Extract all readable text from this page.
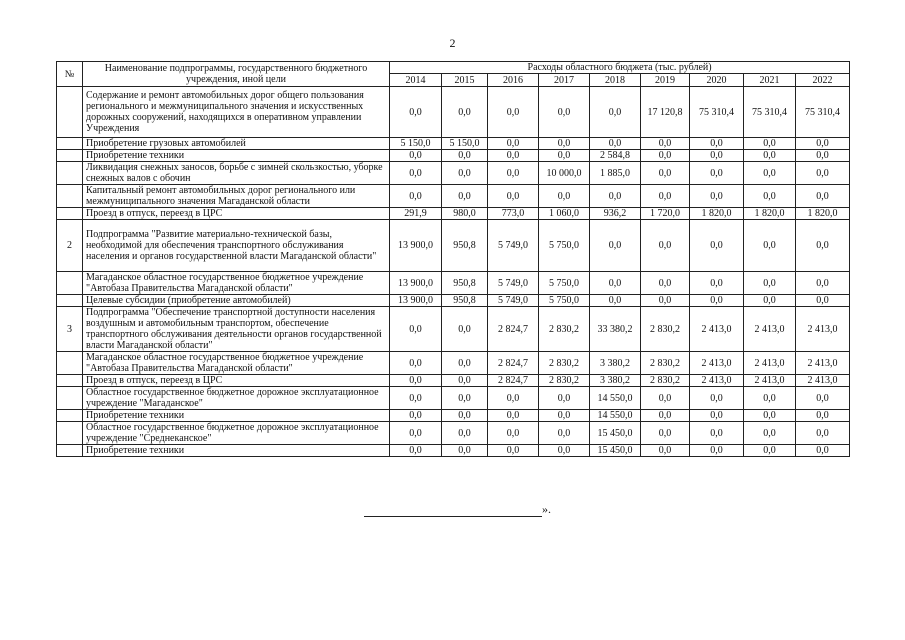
2
№	Наименование подпрограммы, государственного бюджетного учреждения, иной цели	Расходы областного бюджета (тыс. рублей)								
		2014	2015	2016	2017	2018	2019	2020	2021	2022
	Содержание и ремонт автомобильных дорог общего пользования регионального и межмуниципального значения и искусственных дорожных сооружений, находящихся в оперативном управлении Учреждения	0,0	0,0	0,0	0,0	0,0	17 120,8	75 310,4	75 310,4	75 310,4
	Приобретение грузовых автомобилей	5 150,0	5 150,0	0,0	0,0	0,0	0,0	0,0	0,0	0,0
	Приобретение техники	0,0	0,0	0,0	0,0	2 584,8	0,0	0,0	0,0	0,0
	Ликвидация снежных заносов, борьбе с зимней скользкостью, уборке снежных валов с обочин	0,0	0,0	0,0	10 000,0	1 885,0	0,0	0,0	0,0	0,0
	Капитальный ремонт автомобильных дорог регионального или межмуниципального значения Магаданской области	0,0	0,0	0,0	0,0	0,0	0,0	0,0	0,0	0,0
	Проезд в отпуск, переезд в ЦРС	291,9	980,0	773,0	1 060,0	936,2	1 720,0	1 820,0	1 820,0	1 820,0
2	Подпрограмма "Развитие материально-технической базы, необходимой для обеспечения транспортного обслуживания населения и органов государственной власти Магаданской области"	13 900,0	950,8	5 749,0	5 750,0	0,0	0,0	0,0	0,0	0,0
	Магаданское областное государственное бюджетное учреждение "Автобаза Правительства Магаданской области"	13 900,0	950,8	5 749,0	5 750,0	0,0	0,0	0,0	0,0	0,0
	Целевые субсидии (приобретение автомобилей)	13 900,0	950,8	5 749,0	5 750,0	0,0	0,0	0,0	0,0	0,0
3	Подпрограмма "Обеспечение транспортной доступности населения воздушным и автомобильным транспортом, обеспечение транспортного обслуживания деятельности органов государственной власти Магаданской области"	0,0	0,0	2 824,7	2 830,2	33 380,2	2 830,2	2 413,0	2 413,0	2 413,0
	Магаданское областное государственное бюджетное учреждение "Автобаза Правительства Магаданской области"	0,0	0,0	2 824,7	2 830,2	3 380,2	2 830,2	2 413,0	2 413,0	2 413,0
	Проезд в отпуск, переезд в ЦРС	0,0	0,0	2 824,7	2 830,2	3 380,2	2 830,2	2 413,0	2 413,0	2 413,0
	Областное государственное бюджетное дорожное эксплуатационное учреждение "Магаданское"	0,0	0,0	0,0	0,0	14 550,0	0,0	0,0	0,0	0,0
	Приобретение техники	0,0	0,0	0,0	0,0	14 550,0	0,0	0,0	0,0	0,0
	Областное государственное бюджетное дорожное эксплуатационное учреждение "Среднеканское"	0,0	0,0	0,0	0,0	15 450,0	0,0	0,0	0,0	0,0
	Приобретение техники	0,0	0,0	0,0	0,0	15 450,0	0,0	0,0	0,0	0,0
».
